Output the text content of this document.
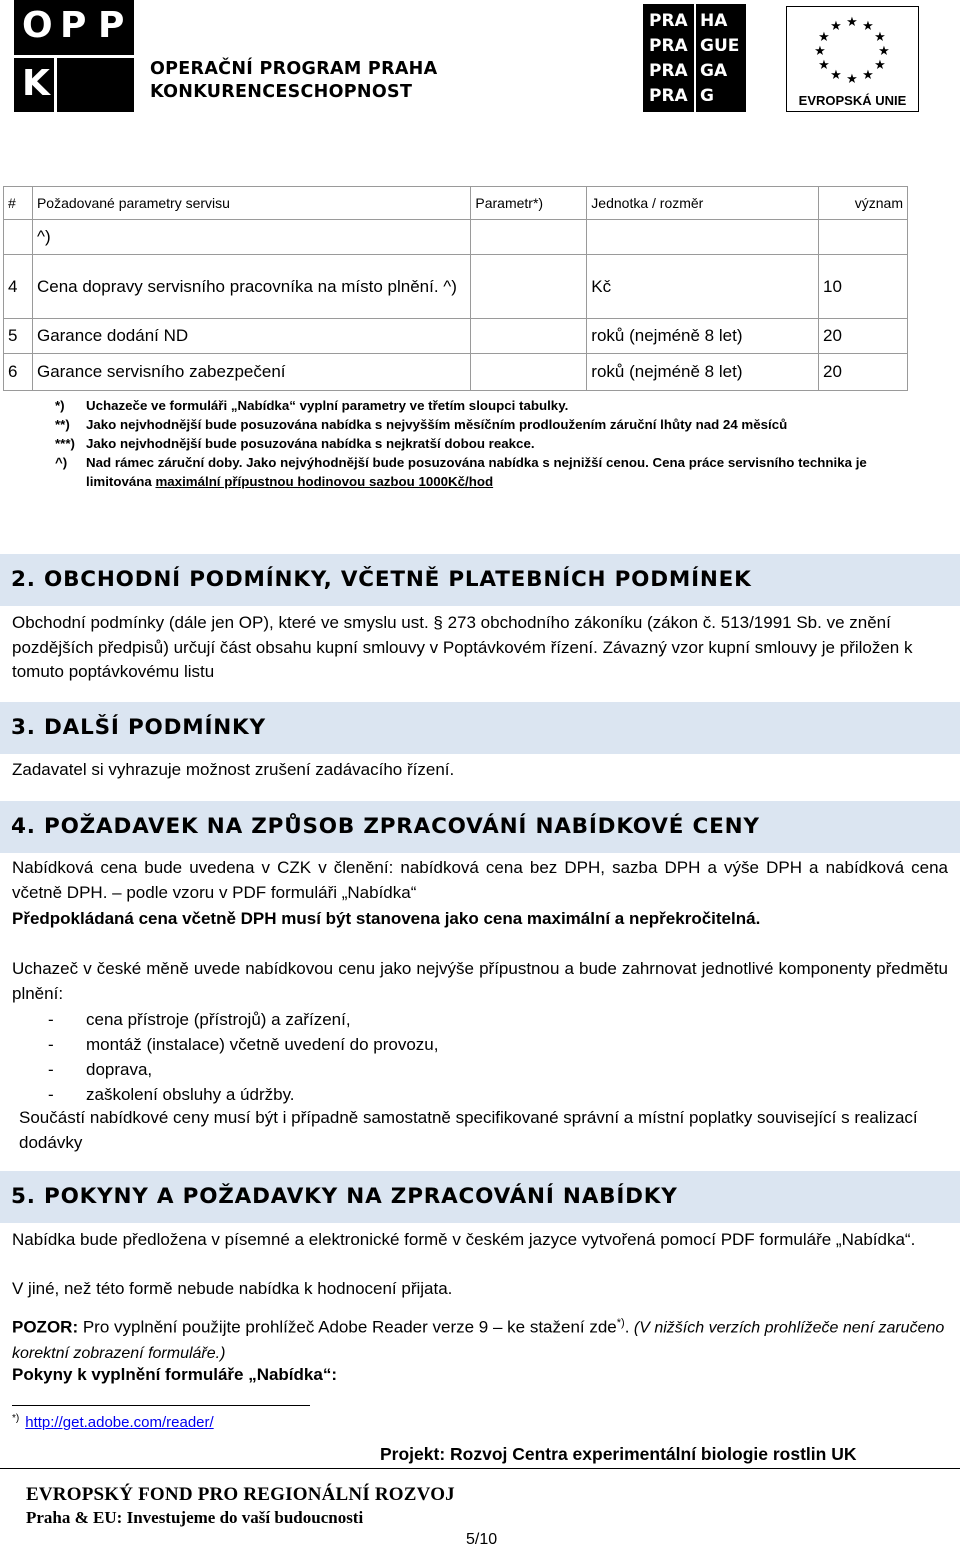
O P P
K	OPERAČNÍ PROGRAM PRAHA
KONKURENCESCHOPNOST
PRA HA
PRA GUE
PRA GA
PRA G
★ ★
★
★
★
★
★
★
★
★
★
★
EVROPSKÁ UNIE
#	Požadované parametry servisu	Parametr*)	Jednotka / rozměr	význam
	^)			
4	Cena dopravy servisního pracovníka na místo plnění. ^)		Kč	10
5	Garance dodání ND		roků (nejméně 8 let)	20
6	Garance servisního zabezpečení		roků (nejméně 8 let)	20
*) Uchazeče ve formuláři „Nabídka“ vyplní parametry ve třetím sloupci tabulky.
**) Jako nejvhodnější bude posuzována nabídka s nejvyšším měsíčním prodloužením záruční lhůty nad 24 měsíců
***) Jako nejvhodnější bude posuzována nabídka s nejkratší dobou reakce.
^) Nad rámec záruční doby. Jako nejvýhodnější bude posuzována nabídka s nejnižší cenou. Cena práce servisního technika je limitována maximální přípustnou hodinovou sazbou 1000Kč/hod
2. OBCHODNÍ PODMÍNKY, VČETNĚ PLATEBNÍCH PODMÍNEK
Obchodní podmínky (dále jen OP), které ve smyslu ust. § 273 obchodního zákoníku (zákon č. 513/1991 Sb. ve znění pozdějších předpisů) určují část obsahu kupní smlouvy v Poptávkovém řízení. Závazný vzor kupní smlouvy je přiložen k tomuto poptávkovému listu
3. DALŠÍ PODMÍNKY
Zadavatel si vyhrazuje možnost zrušení zadávacího řízení.
4. POŽADAVEK NA ZPŮSOB ZPRACOVÁNÍ NABÍDKOVÉ CENY
Nabídková cena bude uvedena v CZK v členění: nabídková cena bez DPH, sazba DPH a výše DPH a nabídková cena včetně DPH. – podle vzoru v PDF formuláři „Nabídka“
Předpokládaná cena včetně DPH musí být stanovena jako cena maximální a nepřekročitelná.
Uchazeč v české měně uvede nabídkovou cenu jako nejvýše přípustnou a bude zahrnovat jednotlivé komponenty předmětu plnění:
- cena přístroje (přístrojů) a zařízení,
- montáž (instalace) včetně uvedení do provozu,
- doprava,
- zaškolení obsluhy a údržby.
Součástí nabídkové ceny musí být i případně samostatně specifikované správní a místní poplatky související s realizací dodávky
5. POKYNY A POŽADAVKY NA ZPRACOVÁNÍ NABÍDKY
Nabídka bude předložena v písemné a elektronické formě v českém jazyce vytvořená pomocí PDF formuláře „Nabídka“.
V jiné, než této formě nebude nabídka k hodnocení přijata.
POZOR: Pro vyplnění použijte prohlížeč Adobe Reader verze 9 – ke stažení zde*). (V nižších verzích prohlížeče není zaručeno korektní zobrazení formuláře.)
Pokyny k vyplnění formuláře „Nabídka“:
*) http://get.adobe.com/reader/
Projekt: Rozvoj Centra experimentální biologie rostlin UK
EVROPSKÝ FOND PRO REGIONÁLNÍ ROZVOJ
Praha & EU: Investujeme do vaší budoucnosti
5/10
